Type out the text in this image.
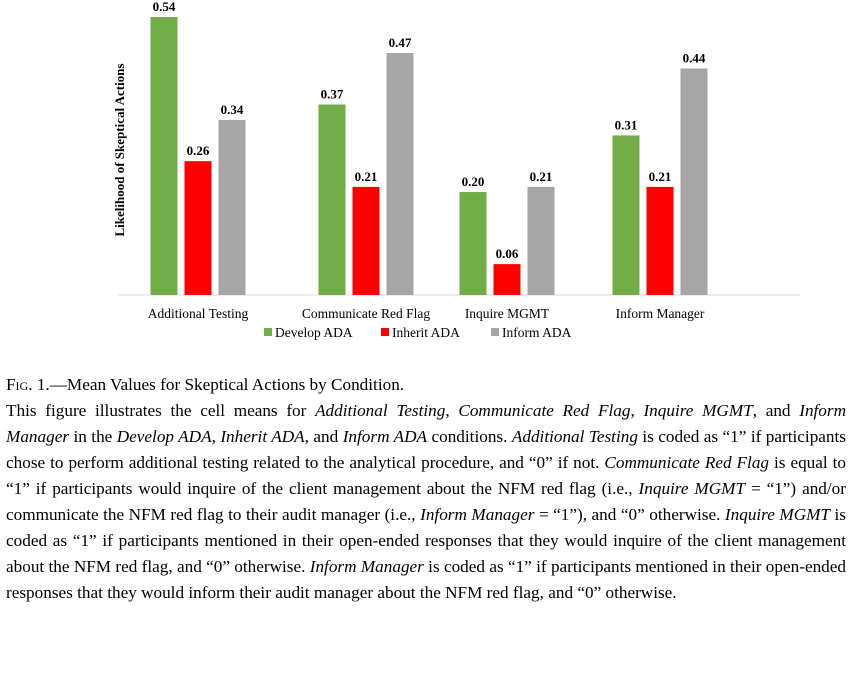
Likelihood of Skeptical Actions
0.54
0.26
0.34
0.37
0.21
0.47
0.20
0.06
0.21
0.31
0.21
0.44
Additional Testing	Communicate Red Flag	Inquire MGMT	Inform Manager
Develop ADA	Inherit ADA	Inform ADA

Fig. 1.—Mean Values for Skeptical Actions by Condition.

This figure illustrates the cell means for Additional Testing, Communicate Red Flag, Inquire MGMT, and Inform Manager in the Develop ADA, Inherit ADA, and Inform ADA conditions. Additional Testing is coded as “1” if participants chose to perform additional testing related to the analytical procedure, and “0” if not. Communicate Red Flag is equal to “1” if participants would inquire of the client management about the NFM red flag (i.e., Inquire MGMT = “1”) and/or communicate the NFM red flag to their audit manager (i.e., Inform Manager = “1”), and “0” otherwise. Inquire MGMT is coded as “1” if participants mentioned in their open-ended responses that they would inquire of the client management about the NFM red flag, and “0” otherwise. Inform Manager is coded as “1” if participants mentioned in their open-ended responses that they would inform their audit manager about the NFM red flag, and “0” otherwise.
